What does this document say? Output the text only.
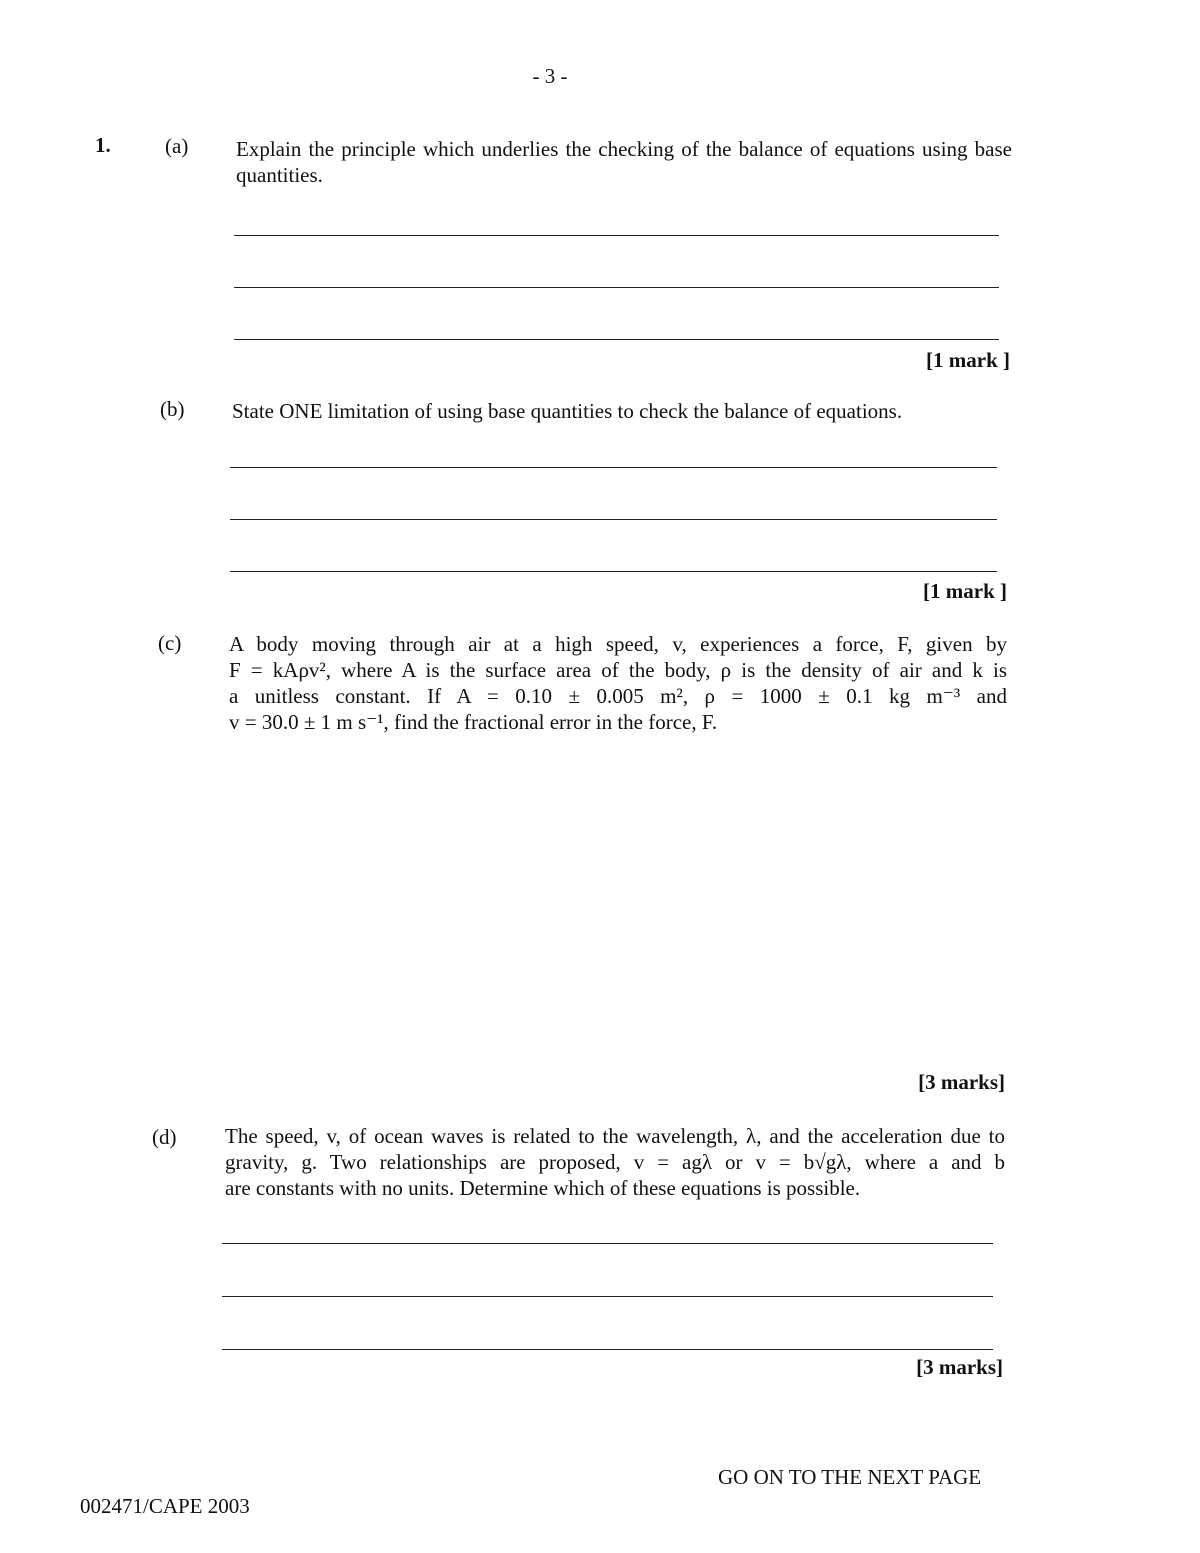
- 3 -
1.	(a) Explain the principle which underlies the checking of the balance of equations using base quantities.
[1 mark ]
(b) State ONE limitation of using base quantities to check the balance of equations.
[1 mark ]
(c) A body moving through air at a high speed, v, experiences a force, F, given by
F = kAρv², where A is the surface area of the body, ρ is the density of air and k is
a unitless constant. If A = 0.10 ± 0.005 m², ρ = 1000 ± 0.1 kg m⁻³ and
v = 30.0 ± 1 m s⁻¹, find the fractional error in the force, F.
[3 marks]
(d) The speed, v, of ocean waves is related to the wavelength, λ, and the acceleration due to
gravity, g. Two relationships are proposed, v = agλ or v = b√gλ, where a and b
are constants with no units. Determine which of these equations is possible.
[3 marks]
GO ON TO THE NEXT PAGE
002471/CAPE 2003
